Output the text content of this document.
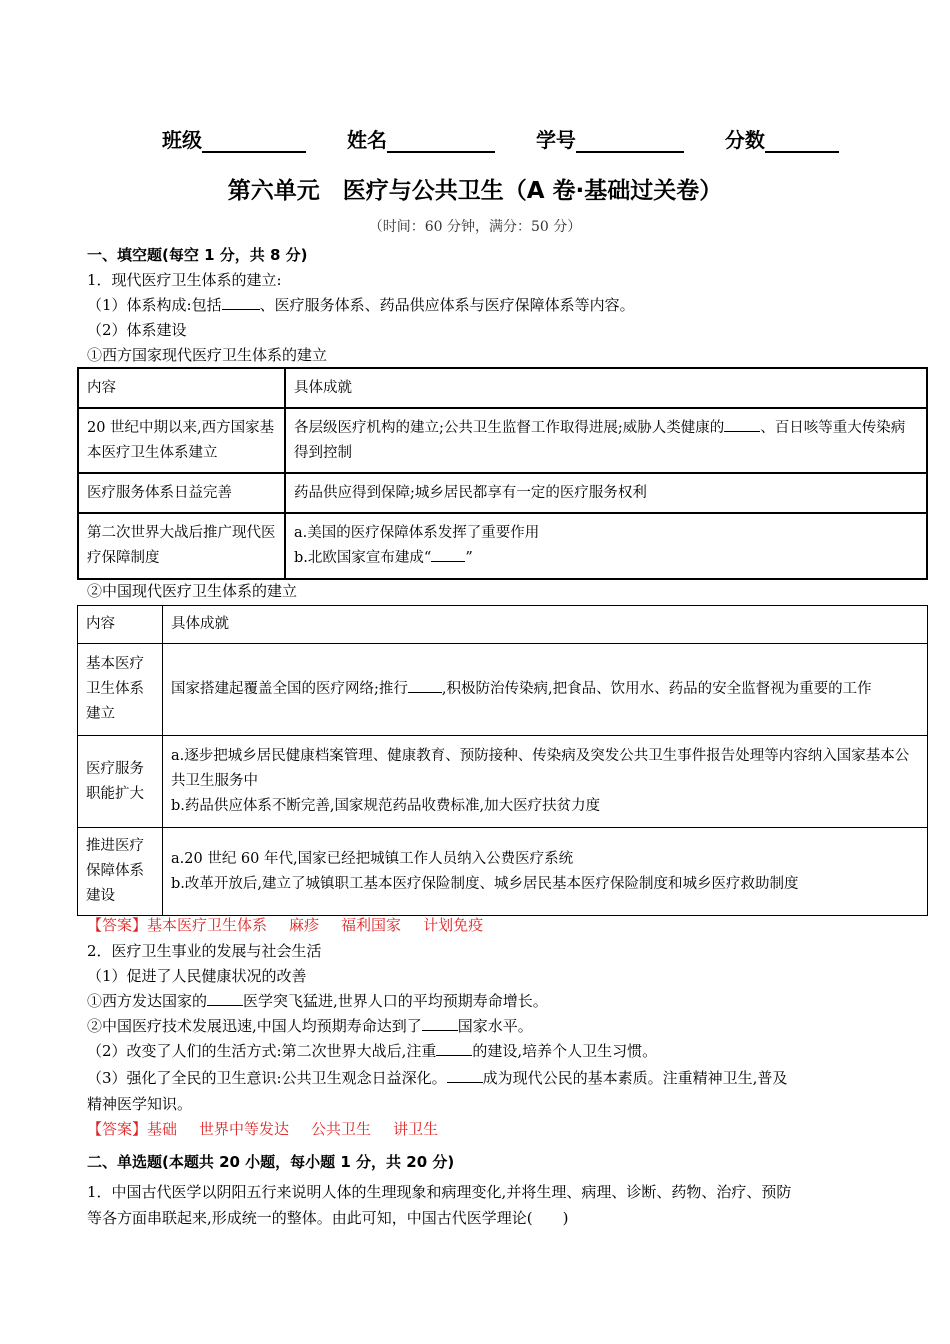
班级	姓名	学号	分数
第六单元　医疗与公共卫生（A 卷·基础过关卷）
（时间：60 分钟，满分：50 分）
一、填空题(每空 1 分，共 8 分)
1．现代医疗卫生体系的建立:
（1）体系构成:包括	、医疗服务体系、药品供应体系与医疗保障体系等内容。
（2）体系建设
①西方国家现代医疗卫生体系的建立
内容	具体成就
20 世纪中期以来,西方国家基本医疗卫生体系建立	各层级医疗机构的建立;公共卫生监督工作取得进展;威胁人类健康的 、百日咳等重大传染病得到控制
医疗服务体系日益完善	药品供应得到保障;城乡居民都享有一定的医疗服务权利
第二次世界大战后推广现代医疗保障制度	a.美国的医疗保障体系发挥了重要作用
b.北欧国家宣布建成“ ”
②中国现代医疗卫生体系的建立
内容	具体成就
基本医疗卫生体系建立	国家搭建起覆盖全国的医疗网络;推行 ,积极防治传染病,把食品、饮用水、药品的安全监督视为重要的工作
医疗服务职能扩大	a.逐步把城乡居民健康档案管理、健康教育、预防接种、传染病及突发公共卫生事件报告处理等内容纳入国家基本公共卫生服务中
b.药品供应体系不断完善,国家规范药品收费标准,加大医疗扶贫力度

推进医疗保障体系建设	a.20 世纪 60 年代,国家已经把城镇工作人员纳入公费医疗系统
b.改革开放后,建立了城镇职工基本医疗保险制度、城乡居民基本医疗保险制度和城乡医疗救助制度
【答案】基本医疗卫生体系 麻疹 福利国家 计划免疫
2．医疗卫生事业的发展与社会生活
（1）促进了人民健康状况的改善
①西方发达国家的 医学突飞猛进,世界人口的平均预期寿命增长。
②中国医疗技术发展迅速,中国人均预期寿命达到了 国家水平。
（2）改变了人们的生活方式:第二次世界大战后,注重 的建设,培养个人卫生习惯。
（3）强化了全民的卫生意识:公共卫生观念日益深化。 成为现代公民的基本素质。注重精神卫生,普及
精神医学知识。
【答案】基础 世界中等发达 公共卫生 讲卫生
二、单选题(本题共 20 小题，每小题 1 分，共 20 分)
1．中国古代医学以阴阳五行来说明人体的生理现象和病理变化,并将生理、病理、诊断、药物、治疗、预防
等各方面串联起来,形成统一的整体。由此可知，中国古代医学理论(　　)
